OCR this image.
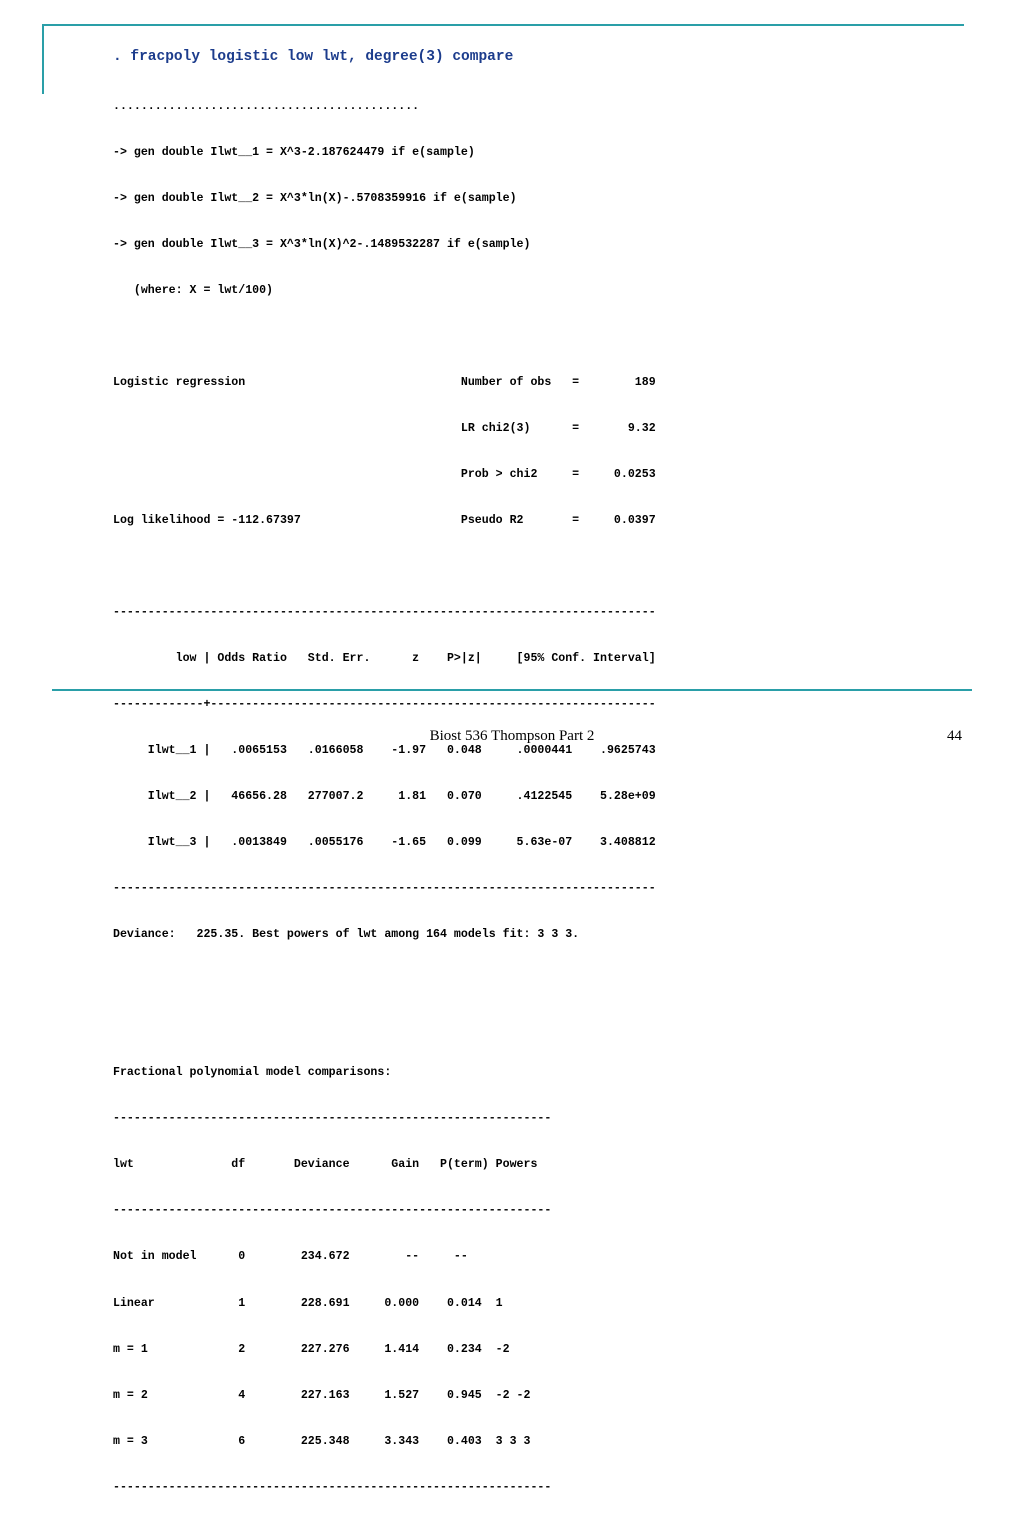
. fracpoly logistic low lwt, degree(3) compare

............................................

-> gen double Ilwt__1 = X^3-2.187624479 if e(sample)

-> gen double Ilwt__2 = X^3*ln(X)-.5708359916 if e(sample)

-> gen double Ilwt__3 = X^3*ln(X)^2-.1489532287 if e(sample)

(where: X = lwt/100)

Logistic regression                               Number of obs   =        189

LR chi2(3)      =       9.32

Prob > chi2     =     0.0253

Log likelihood = -112.67397                       Pseudo R2       =     0.0397

------------------------------------------------------------------------------

low | Odds Ratio   Std. Err.      z    P>|z|     [95% Conf. Interval]

-------------+----------------------------------------------------------------

Ilwt__1 |   .0065153   .0166058    -1.97   0.048     .0000441    .9625743

Ilwt__2 |   46656.28   277007.2     1.81   0.070     .4122545    5.28e+09

Ilwt__3 |   .0013849   .0055176    -1.65   0.099     5.63e-07    3.408812

------------------------------------------------------------------------------

Deviance:   225.35. Best powers of lwt among 164 models fit: 3 3 3.

Fractional polynomial model comparisons:

---------------------------------------------------------------

lwt              df       Deviance      Gain   P(term) Powers

---------------------------------------------------------------

Not in model      0        234.672        --     --

Linear            1        228.691     0.000    0.014  1

m = 1             2        227.276     1.414    0.234  -2

m = 2             4        227.163     1.527    0.945  -2 -2

m = 3             6        225.348     3.343    0.403  3 3 3

---------------------------------------------------------------

Biost 536 Thompson Part 2	44
